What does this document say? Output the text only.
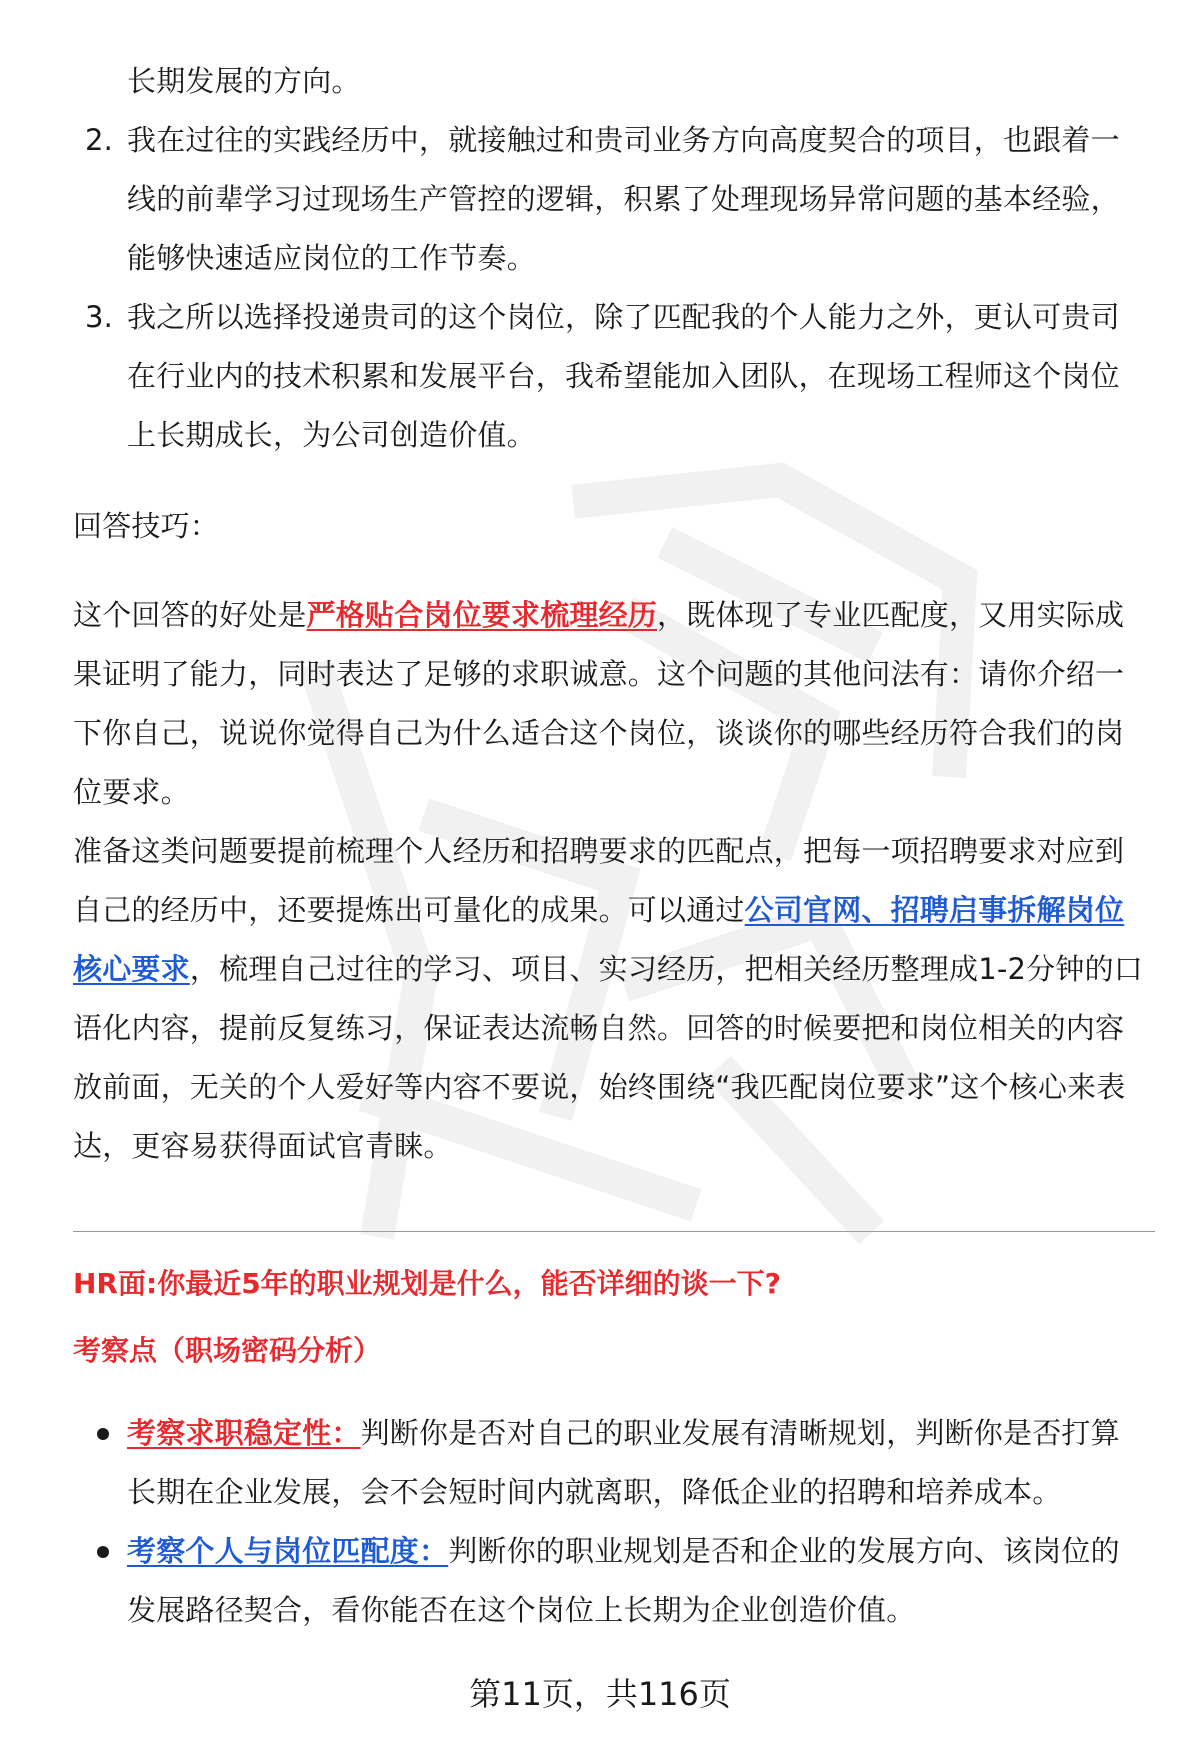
长期发展的方向。
2. 我在过往的实践经历中，就接触过和贵司业务方向高度契合的项目，也跟着一线的前辈学习过现场生产管控的逻辑，积累了处理现场异常问题的基本经验，能够快速适应岗位的工作节奏。
3. 我之所以选择投递贵司的这个岗位，除了匹配我的个人能力之外，更认可贵司在行业内的技术积累和发展平台，我希望能加入团队，在现场工程师这个岗位上长期成长，为公司创造价值。
回答技巧：

这个回答的好处是严格贴合岗位要求梳理经历，既体现了专业匹配度，又用实际成果证明了能力，同时表达了足够的求职诚意。这个问题的其他问法有：请你介绍一下你自己，说说你觉得自己为什么适合这个岗位，谈谈你的哪些经历符合我们的岗位要求。

准备这类问题要提前梳理个人经历和招聘要求的匹配点，把每一项招聘要求对应到自己的经历中，还要提炼出可量化的成果。可以通过公司官网、招聘启事拆解岗位核心要求，梳理自己过往的学习、项目、实习经历，把相关经历整理成1-2分钟的口语化内容，提前反复练习，保证表达流畅自然。回答的时候要把和岗位相关的内容放前面，无关的个人爱好等内容不要说，始终围绕“我匹配岗位要求”这个核心来表达，更容易获得面试官青睐。

HR面:你最近5年的职业规划是什么，能否详细的谈一下?
考察点（职场密码分析）
考察求职稳定性：判断你是否对自己的职业发展有清晰规划，判断你是否打算长期在企业发展，会不会短时间内就离职，降低企业的招聘和培养成本。
考察个人与岗位匹配度：判断你的职业规划是否和企业的发展方向、该岗位的发展路径契合，看你能否在这个岗位上长期为企业创造价值。
第11页，共116页
